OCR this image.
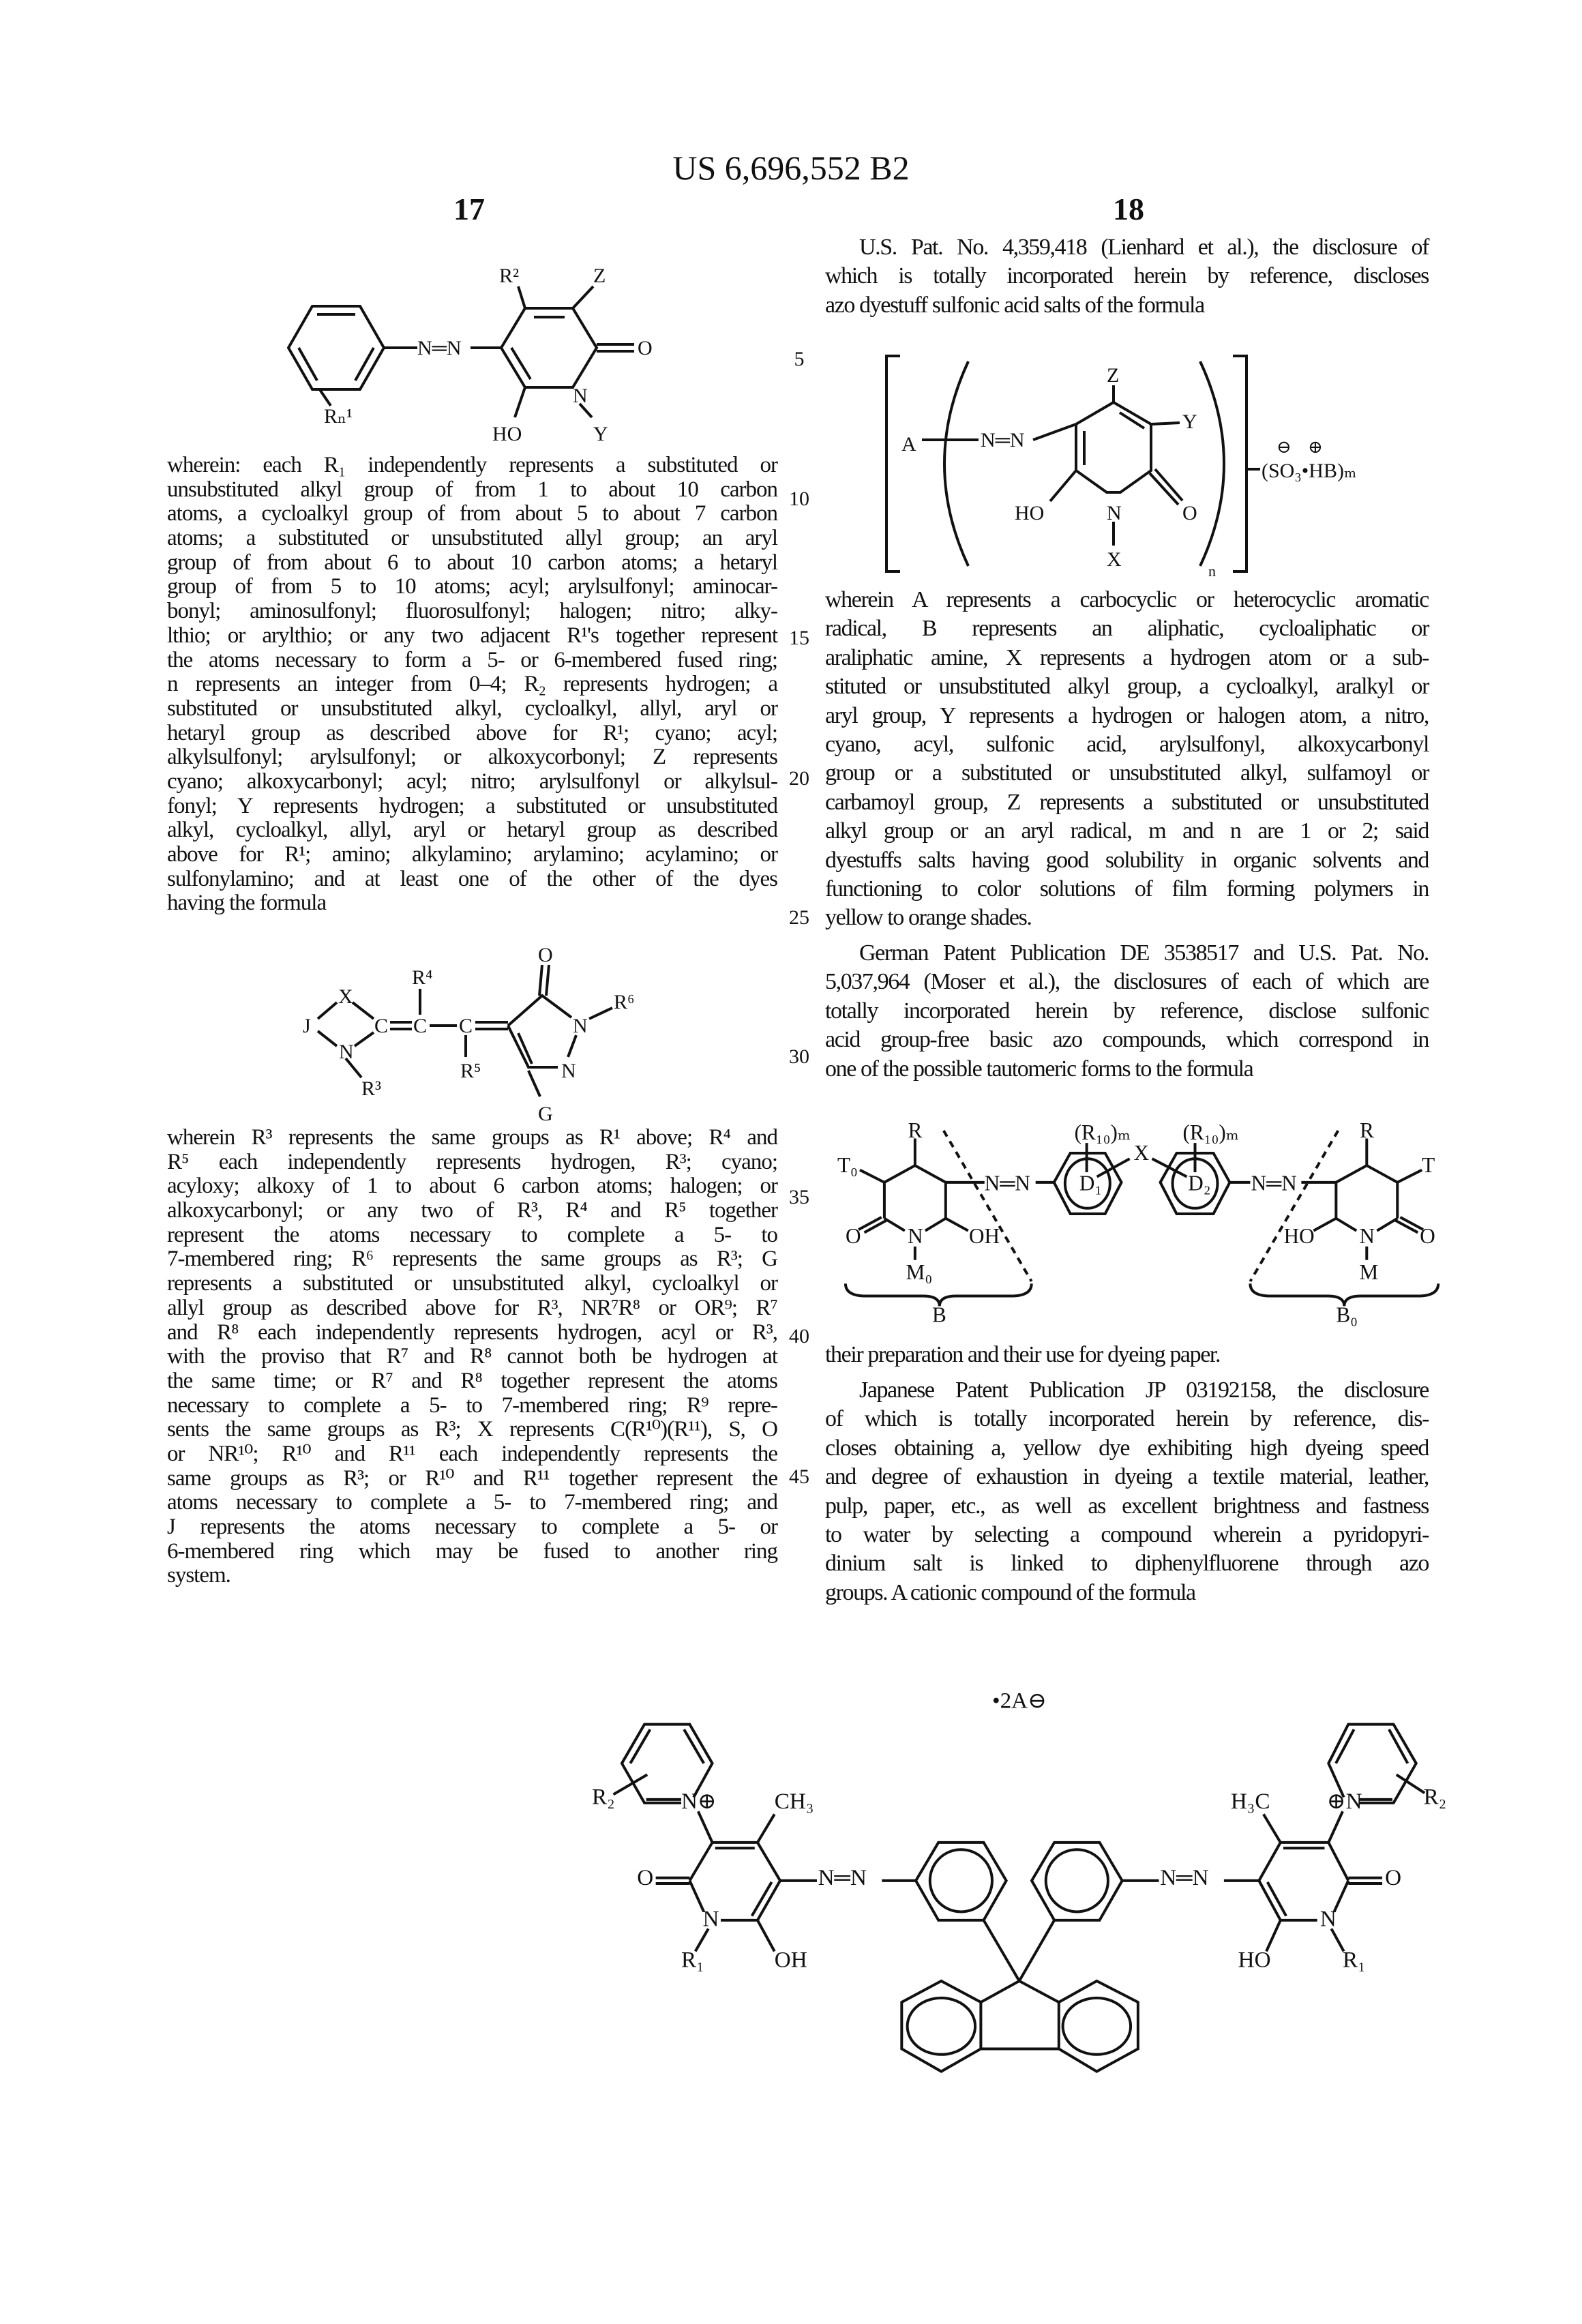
US 6,696,552 B2
17	18
5
10
15
20
25
30
35
40
45
wherein: each R₁ independently represents a substituted or
unsubstituted alkyl group of from 1 to about 10 carbon
atoms, a cycloalkyl group of from about 5 to about 7 carbon
atoms; a substituted or unsubstituted allyl group; an aryl
group of from about 6 to about 10 carbon atoms; a hetaryl
group of from 5 to 10 atoms; acyl; arylsulfonyl; aminocar-
bonyl; aminosulfonyl; fluorosulfonyl; halogen; nitro; alky-
lthio; or arylthio; or any two adjacent R¹'s together represent
the atoms necessary to form a 5- or 6-membered fused ring;
n represents an integer from 0–4; R₂ represents hydrogen; a
substituted or unsubstituted alkyl, cycloalkyl, allyl, aryl or
hetaryl group as described above for R¹; cyano; acyl;
alkylsulfonyl; arylsulfonyl; or alkoxycorbonyl; Z represents
cyano; alkoxycarbonyl; acyl; nitro; arylsulfonyl or alkylsul-
fonyl; Y represents hydrogen; a substituted or unsubstituted
alkyl, cycloalkyl, allyl, aryl or hetaryl group as described
above for R¹; amino; alkylamino; arylamino; acylamino; or
sulfonylamino; and at least one of the other of the dyes
having the formula
wherein R³ represents the same groups as R¹ above; R⁴ and
R⁵ each independently represents hydrogen, R³; cyano;
acyloxy; alkoxy of 1 to about 6 carbon atoms; halogen; or
alkoxycarbonyl; or any two of R³, R⁴ and R⁵ together
represent the atoms necessary to complete a 5- to
7-membered ring; R⁶ represents the same groups as R³; G
represents a substituted or unsubstituted alkyl, cycloalkyl or
allyl group as described above for R³, NR⁷R⁸ or OR⁹; R⁷
and R⁸ each independently represents hydrogen, acyl or R³,
with the proviso that R⁷ and R⁸ cannot both be hydrogen at
the same time; or R⁷ and R⁸ together represent the atoms
necessary to complete a 5- to 7-membered ring; R⁹ repre-
sents the same groups as R³; X represents C(R¹⁰)(R¹¹), S, O
or NR¹⁰; R¹⁰ and R¹¹ each independently represents the
same groups as R³; or R¹⁰ and R¹¹ together represent the
atoms necessary to complete a 5- to 7-membered ring; and
J represents the atoms necessary to complete a 5- or
6-membered ring which may be fused to another ring
system.
U.S. Pat. No. 4,359,418 (Lienhard et al.), the disclosure of
which is totally incorporated herein by reference, discloses
azo dyestuff sulfonic acid salts of the formula
wherein A represents a carbocyclic or heterocyclic aromatic
radical, B represents an aliphatic, cycloaliphatic or
araliphatic amine, X represents a hydrogen atom or a sub-
stituted or unsubstituted alkyl group, a cycloalkyl, aralkyl or
aryl group, Y represents a hydrogen or halogen atom, a nitro,
cyano, acyl, sulfonic acid, arylsulfonyl, alkoxycarbonyl
group or a substituted or unsubstituted alkyl, sulfamoyl or
carbamoyl group, Z represents a substituted or unsubstituted
alkyl group or an aryl radical, m and n are 1 or 2; said
dyestuffs salts having good solubility in organic solvents and
functioning to color solutions of film forming polymers in
yellow to orange shades.
German Patent Publication DE 3538517 and U.S. Pat. No.
5,037,964 (Moser et al.), the disclosures of each of which are
totally incorporated herein by reference, disclose sulfonic
acid group-free basic azo compounds, which correspond in
one of the possible tautomeric forms to the formula
their preparation and their use for dyeing paper.
Japanese Patent Publication JP 03192158, the disclosure
of which is totally incorporated herein by reference, dis-
closes obtaining a, yellow dye exhibiting high dyeing speed
and degree of exhaustion in dyeing a textile material, leather,
pulp, paper, etc., as well as excellent brightness and fastness
to water by selecting a compound wherein a pyridopyri-
dinium salt is linked to diphenylfluorene through azo
groups. A cationic compound of the formula
R²	Z
N═N	O
N
HO	Y
Rₙ¹
X
J
N
C C C
R³
R⁴
R⁵
O
N
R⁶
N
G
A	N═N
Z
Y
HO	N	O
X
n
(SO₃•HB)ₘ
⊖ ⊕
R
T₀
O N OH
M₀
N═N
(R₁₀)ₘ
D₁
X
(R₁₀)ₘ
D₂ N═N
R
T
HO N O
M
B	B₀
•2A⊖
R₂ N⊕ CH₃
O
N
R₁	OH
N═N	N═N
H₃C ⊕N R₂
O
N
HO	R₁
